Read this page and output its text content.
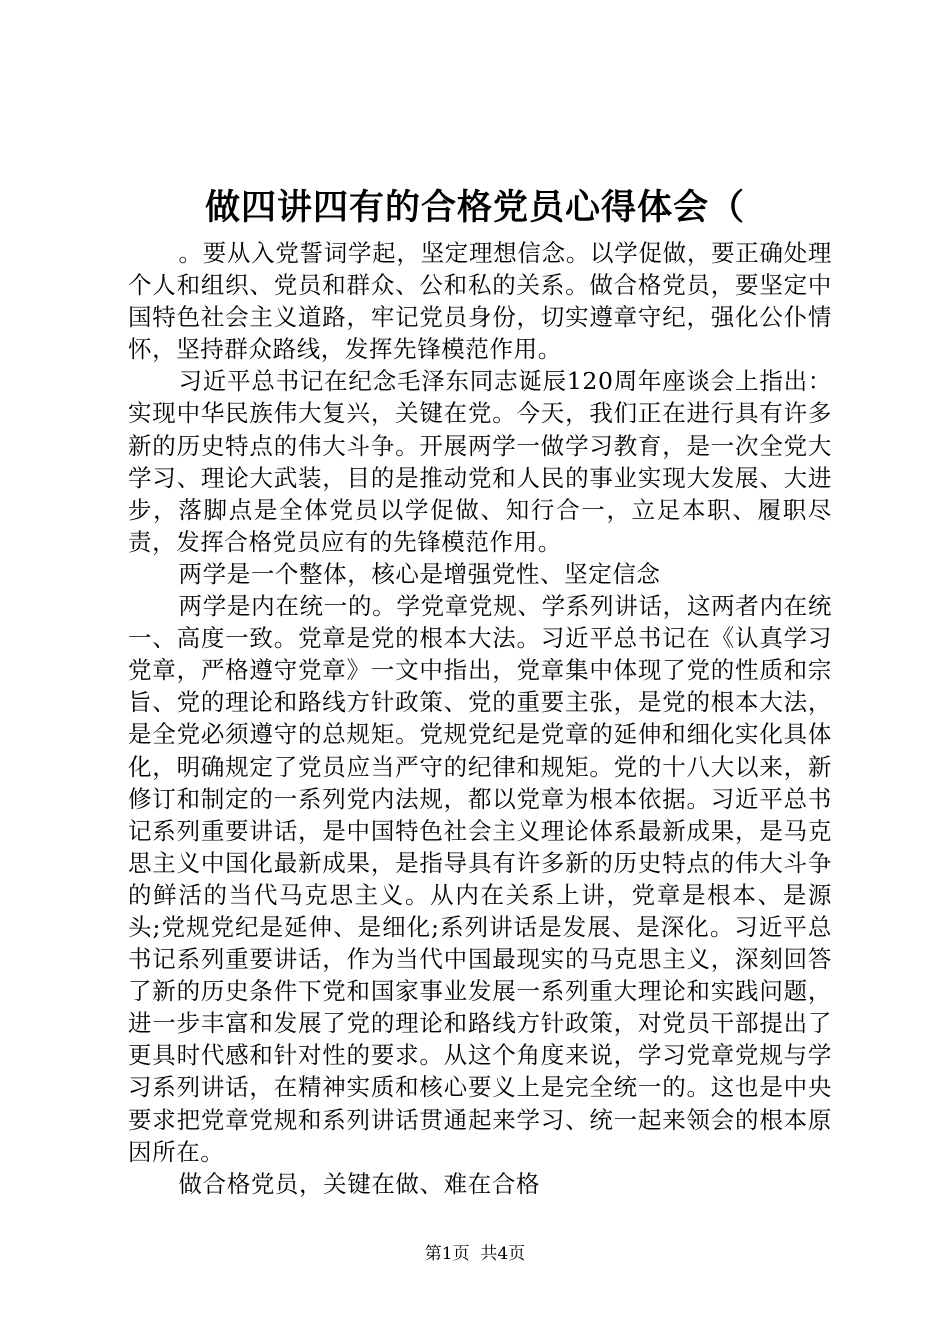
做四讲四有的合格党员心得体会（

。要从入党誓词学起，坚定理想信念。以学促做，要正确处理个人和组织、党员和群众、公和私的关系。做合格党员，要坚定中国特色社会主义道路，牢记党员身份，切实遵章守纪，强化公仆情怀，坚持群众路线，发挥先锋模范作用。

习近平总书记在纪念毛泽东同志诞辰120周年座谈会上指出：实现中华民族伟大复兴，关键在党。今天，我们正在进行具有许多新的历史特点的伟大斗争。开展两学一做学习教育，是一次全党大学习、理论大武装，目的是推动党和人民的事业实现大发展、大进步，落脚点是全体党员以学促做、知行合一，立足本职、履职尽责，发挥合格党员应有的先锋模范作用。

两学是一个整体，核心是增强党性、坚定信念

两学是内在统一的。学党章党规、学系列讲话，这两者内在统一、高度一致。党章是党的根本大法。习近平总书记在《认真学习党章，严格遵守党章》一文中指出，党章集中体现了党的性质和宗旨、党的理论和路线方针政策、党的重要主张，是党的根本大法，是全党必须遵守的总规矩。党规党纪是党章的延伸和细化实化具体化，明确规定了党员应当严守的纪律和规矩。党的十八大以来，新修订和制定的一系列党内法规，都以党章为根本依据。习近平总书记系列重要讲话，是中国特色社会主义理论体系最新成果，是马克思主义中国化最新成果，是指导具有许多新的历史特点的伟大斗争的鲜活的当代马克思主义。从内在关系上讲，党章是根本、是源头;党规党纪是延伸、是细化;系列讲话是发展、是深化。习近平总书记系列重要讲话，作为当代中国最现实的马克思主义，深刻回答了新的历史条件下党和国家事业发展一系列重大理论和实践问题，进一步丰富和发展了党的理论和路线方针政策，对党员干部提出了更具时代感和针对性的要求。从这个角度来说，学习党章党规与学习系列讲话，在精神实质和核心要义上是完全统一的。这也是中央要求把党章党规和系列讲话贯通起来学习、统一起来领会的根本原因所在。

做合格党员，关键在做、难在合格

第1页  共4页
